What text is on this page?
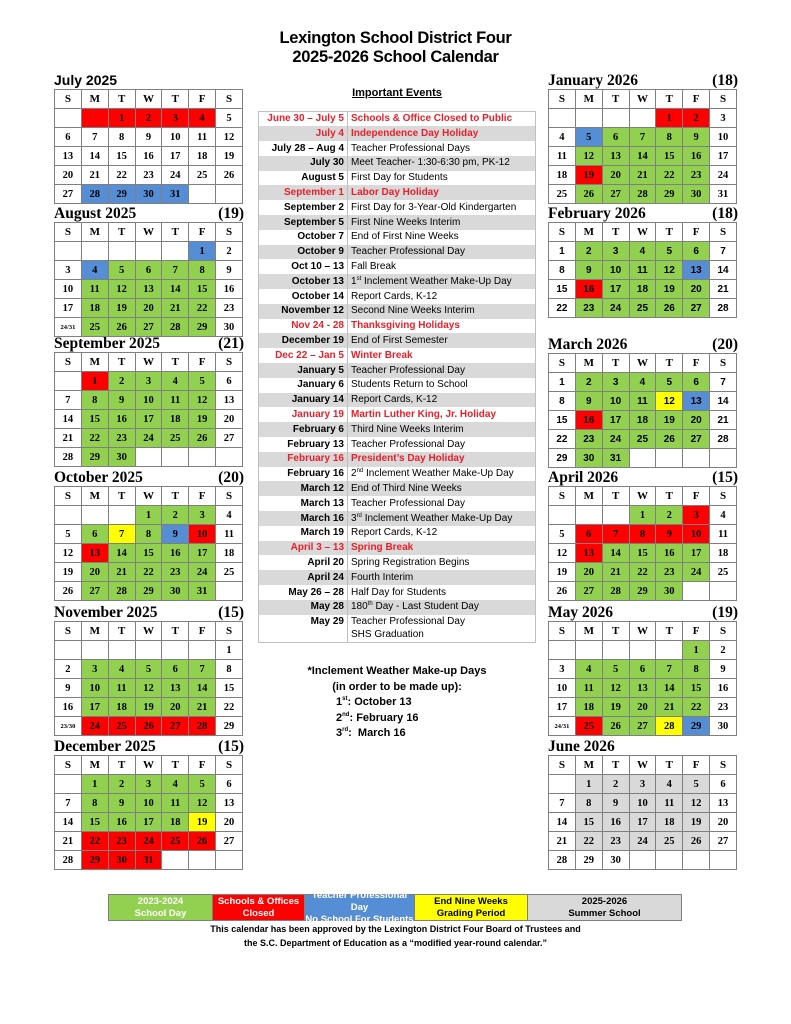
Lexington School District Four
2025-2026 School Calendar
July 2025
S	M	T	W	T	F	S
		1	2	3	4	5
6	7	8	9	10	11	12
13	14	15	16	17	18	19
20	21	22	23	24	25	26
27	28	29	30	31		
August 2025	(19)
S	M	T	W	T	F	S
					1	2
3	4	5	6	7	8	9
10	11	12	13	14	15	16
17	18	19	20	21	22	23
24/31	25	26	27	28	29	30
September 2025	(21)
S	M	T	W	T	F	S
	1	2	3	4	5	6
7	8	9	10	11	12	13
14	15	16	17	18	19	20
21	22	23	24	25	26	27
28	29	30				
October 2025	(20)
S	M	T	W	T	F	S
			1	2	3	4
5	6	7	8	9	10	11
12	13	14	15	16	17	18
19	20	21	22	23	24	25
26	27	28	29	30	31	
November 2025	(15)
S	M	T	W	T	F	S
						1
2	3	4	5	6	7	8
9	10	11	12	13	14	15
16	17	18	19	20	21	22
23/30	24	25	26	27	28	29
December 2025	(15)
S	M	T	W	T	F	S
	1	2	3	4	5	6
7	8	9	10	11	12	13
14	15	16	17	18	19	20
21	22	23	24	25	26	27
28	29	30	31			
January 2026	(18)
S	M	T	W	T	F	S
				1	2	3
4	5	6	7	8	9	10
11	12	13	14	15	16	17
18	19	20	21	22	23	24
25	26	27	28	29	30	31
February 2026	(18)
S	M	T	W	T	F	S
1	2	3	4	5	6	7
8	9	10	11	12	13	14
15	16	17	18	19	20	21
22	23	24	25	26	27	28
March 2026	(20)
S	M	T	W	T	F	S
1	2	3	4	5	6	7
8	9	10	11	12	13	14
15	16	17	18	19	20	21
22	23	24	25	26	27	28
29	30	31				
April 2026	(15)
S	M	T	W	T	F	S
			1	2	3	4
5	6	7	8	9	10	11
12	13	14	15	16	17	18
19	20	21	22	23	24	25
26	27	28	29	30		
May 2026	(19)
S	M	T	W	T	F	S
					1	2
3	4	5	6	7	8	9
10	11	12	13	14	15	16
17	18	19	20	21	22	23
24/31	25	26	27	28	29	30
June 2026
S	M	T	W	T	F	S
	1	2	3	4	5	6
7	8	9	10	11	12	13
14	15	16	17	18	19	20
21	22	23	24	25	26	27
28	29	30				
Important Events
June 30 – July 5	Schools & Office Closed to Public

July 4	Independence Day Holiday

July 28 – Aug 4	Teacher Professional Days

July 30	Meet Teacher- 1:30-6:30 pm, PK-12

August 5	First Day for Students

September 1	Labor Day Holiday

September 2	First Day for 3-Year-Old Kindergarten

September 5	First Nine Weeks Interim

October 7	End of First Nine Weeks

October 9	Teacher Professional Day

Oct 10 – 13	Fall Break

October 13	1st Inclement Weather Make-Up Day
October 14	Report Cards, K-12

November 12	Second Nine Weeks Interim

Nov 24 - 28	Thanksgiving Holidays

December 19	End of First Semester

Dec 22 – Jan 5	Winter Break

January 5	Teacher Professional Day

January 6	Students Return to School

January 14	Report Cards, K-12

January 19	Martin Luther King, Jr. Holiday

February 6	Third Nine Weeks Interim

February 13	Teacher Professional Day

February 16	President’s Day Holiday

February 16	2nd Inclement Weather Make-Up Day
March 12	End of Third Nine Weeks

March 13	Teacher Professional Day

March 16	3rd Inclement Weather Make-Up Day
March 19	Report Cards, K-12

April 3 – 13	Spring Break

April 20	Spring Registration Begins

April 24	Fourth Interim

May 26 – 28	Half Day for Students

May 28	180th Day - Last Student Day
May 29	Teacher Professional Day
SHS Graduation
*Inclement Weather Make-up Days
(in order to be made up):
1st: October 13
2nd: February 16
3rd:  March 16
2023-2024
School Day
Schools & Offices
Closed
Teacher Professional Day
No School For Students
End Nine Weeks
Grading Period
2025-2026
Summer School
This calendar has been approved by the Lexington District Four Board of Trustees and
the S.C. Department of Education as a “modified year-round calendar.”
